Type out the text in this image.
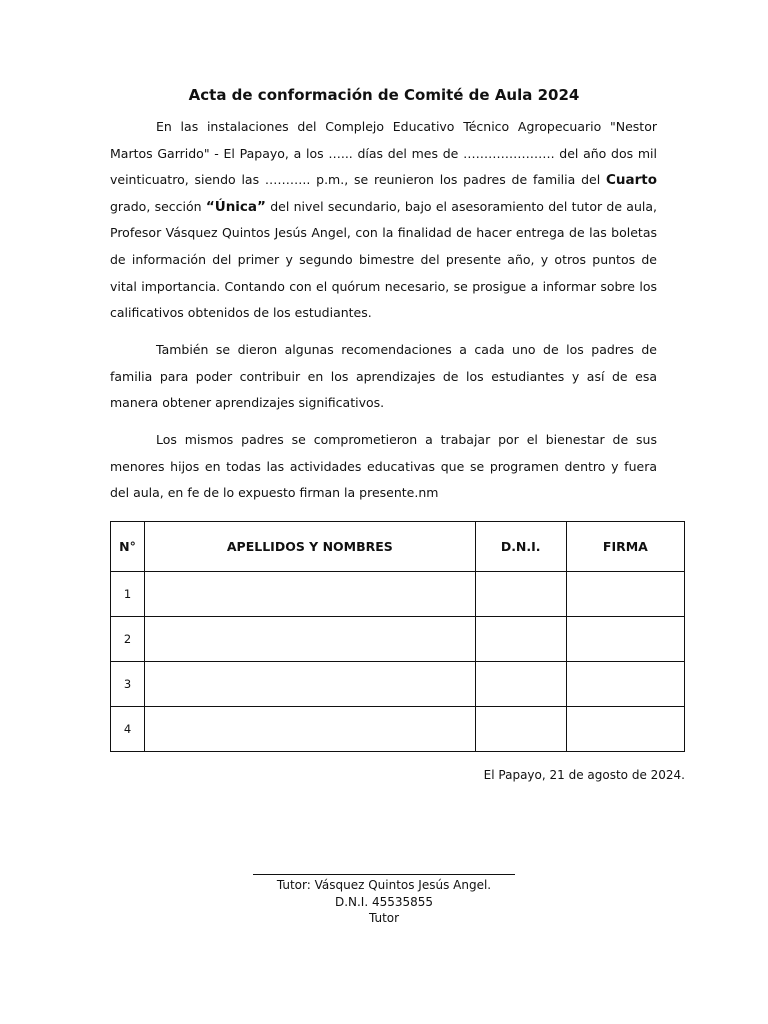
Acta de conformación de Comité de Aula 2024

En las instalaciones del Complejo Educativo Técnico Agropecuario "Nestor Martos Garrido" - El Papayo, a los …... días del mes de …………………. del año dos mil veinticuatro, siendo las ……….. p.m., se reunieron los padres de familia del Cuarto grado, sección “Única” del nivel secundario, bajo el asesoramiento del tutor de aula, Profesor Vásquez Quintos Jesús Angel, con la finalidad de hacer entrega de las boletas de información del primer y segundo bimestre del presente año, y otros puntos de vital importancia. Contando con el quórum necesario, se prosigue a informar sobre los calificativos obtenidos de los estudiantes.

También se dieron algunas recomendaciones a cada uno de los padres de familia para poder contribuir en los aprendizajes de los estudiantes y así de esa manera obtener aprendizajes significativos.

Los mismos padres se comprometieron a trabajar por el bienestar de sus menores hijos en todas las actividades educativas que se programen dentro y fuera del aula, en fe de lo expuesto firman la presente.nm

N°	APELLIDOS Y NOMBRES	D.N.I.	FIRMA
1			
2			
3			
4			
El Papayo, 21 de agosto de 2024.
Tutor: Vásquez Quintos Jesús Angel.
D.N.I. 45535855
Tutor
